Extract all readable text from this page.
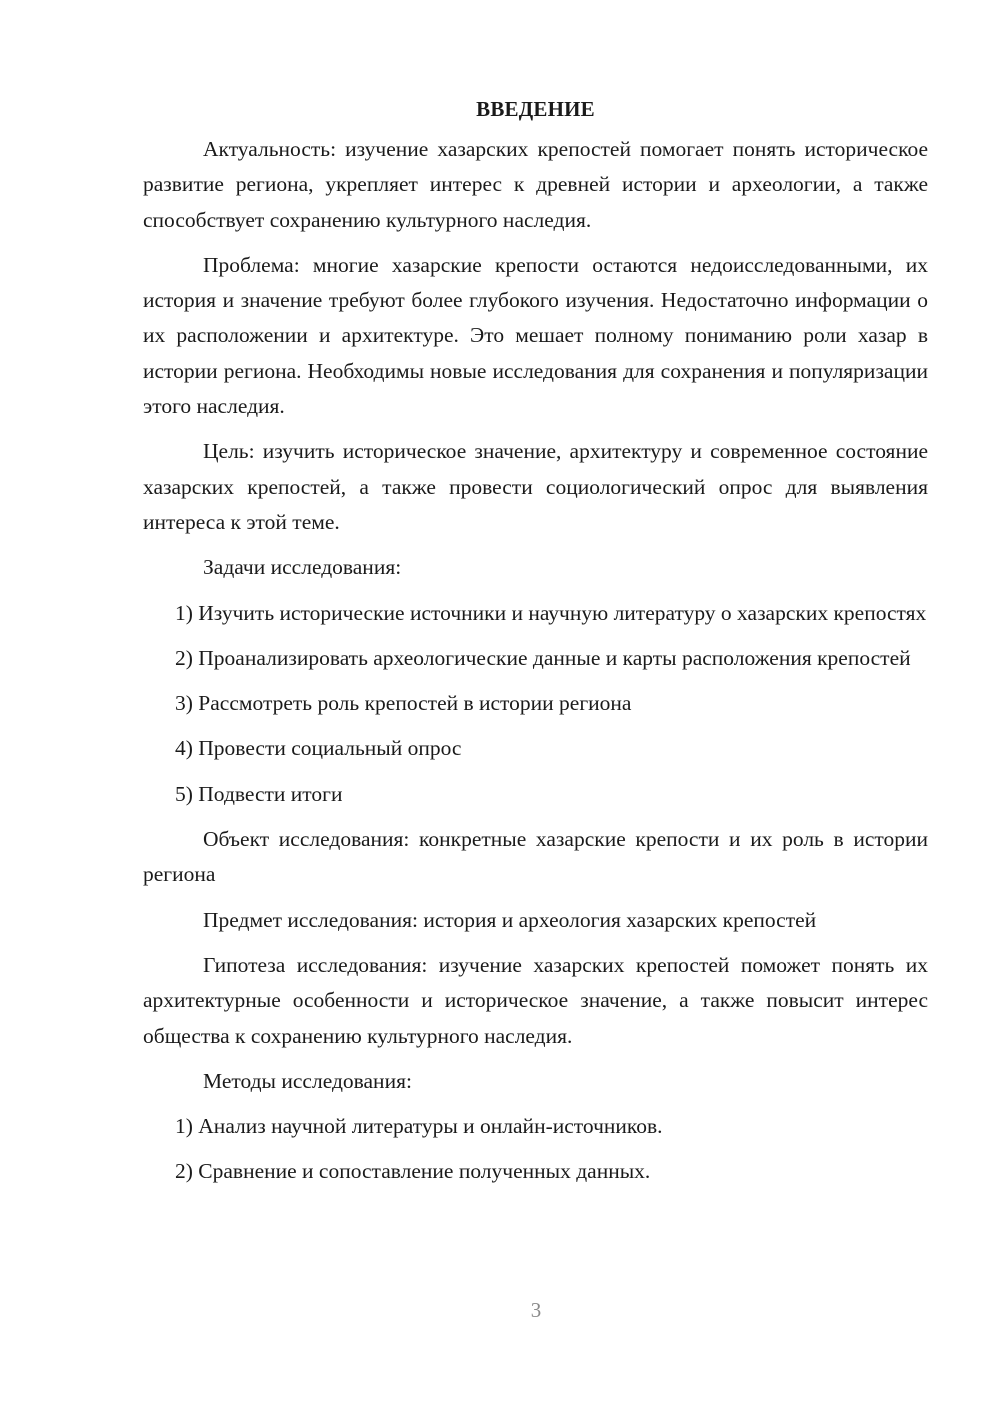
ВВЕДЕНИЕ

Актуальность: изучение хазарских крепостей помогает понять историческое развитие региона, укрепляет интерес к древней истории и археологии, а также способствует сохранению культурного наследия.

Проблема: многие хазарские крепости остаются недоисследованными, их история и значение требуют более глубокого изучения. Недостаточно информации о их расположении и архитектуре. Это мешает полному пониманию роли хазар в истории региона. Необходимы новые исследования для сохранения и популяризации этого наследия.

Цель: изучить историческое значение, архитектуру и современное состояние хазарских крепостей, а также провести социологический опрос для выявления интереса к этой теме.

Задачи исследования:

1) Изучить исторические источники и научную литературу о хазарских крепостях

2) Проанализировать археологические данные и карты расположения крепостей

3) Рассмотреть роль крепостей в истории региона

4) Провести социальный опрос

5) Подвести итоги

Объект исследования: конкретные хазарские крепости и их роль в истории региона

Предмет исследования: история и археология хазарских крепостей

Гипотеза исследования: изучение хазарских крепостей поможет понять их архитектурные особенности и историческое значение, а также повысит интерес общества к сохранению культурного наследия.

Методы исследования:

1) Анализ научной литературы и онлайн-источников.

2) Сравнение и сопоставление полученных данных.

3
